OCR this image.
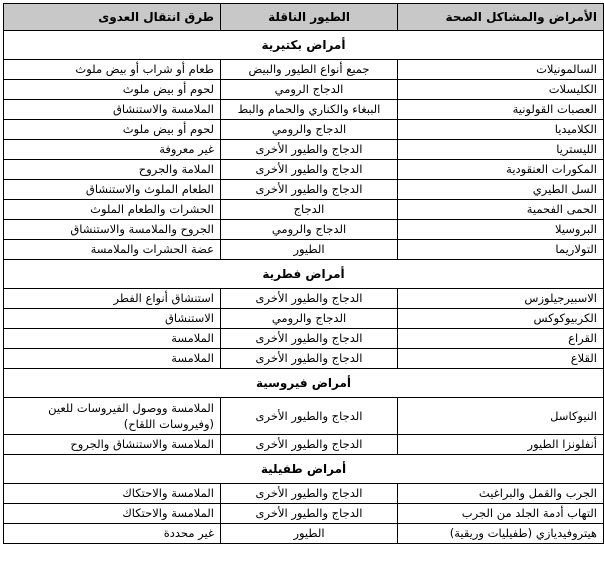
طرق انتقال العدوى	الطيور الناقلة	الأمراض والمشاكل الصحة
أمراض بكتيرية		
طعام أو شراب أو بيض ملوث	جميع أنواع الطيور والبيض	السالمونيلات
لحوم أو بيض ملوث	الدجاج الرومي	الكليسلات
الملامسة والاستنشاق	الببغاء والكناري والحمام والبط	العصبات القولونية
لحوم أو بيض ملوث	الدجاج والرومي	الكلاميديا
غير معروفة	الدجاج والطيور الأخرى	الليستريا
الملامة والجروح	الدجاج والطيور الأخرى	المكورات العنقودية
الطعام الملوث والاستنشاق	الدجاج والطيور الأخرى	السل الطيري
الحشرات والطعام الملوث	الدجاج	الحمى الفحمية
الجروح والملامسة والاستنشاق	الدجاج والرومي	البروسيلا
عضة الحشرات والملامسة	الطيور	التولاريما
أمراض فطرية		
استنشاق أنواع الفطر	الدجاج والطيور الأخرى	الاسبيرجيلوزس
الاستنشاق	الدجاج والرومي	الكربيوكوكس
الملامسة	الدجاج والطيور الأخرى	القراع
الملامسة	الدجاج والطيور الأخرى	القلاع
أمراض فيروسية		
الملامسة ووصول الفيروسات للعين (وفيروسات اللقاح)	الدجاج والطيور الأخرى	النيوكاسل
الملامسة والاستنشاق والجروح	الدجاج والطيور الأخرى	أنفلونزا الطيور
أمراض طفيلية		
الملامسة والاحتكاك	الدجاج والطيور الأخرى	الجرب والقمل والبراغيث
الملامسة والاحتكاك	الدجاج والطيور الأخرى	التهاب أدمة الجلد من الجرب
غير محددة	الطيور	هيتروفيديازي (طفيليات وريقية)
